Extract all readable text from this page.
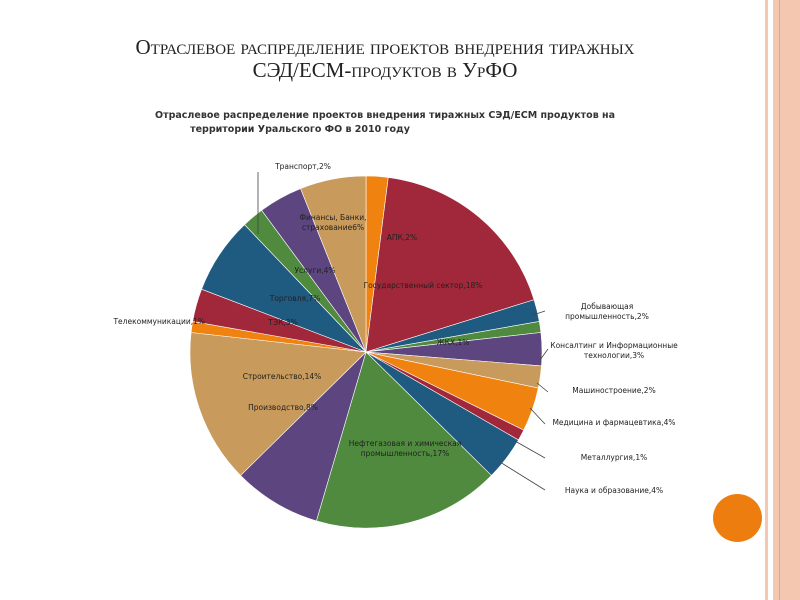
Отраслевое распределение проектов внедрения тиражных
СЭД/ECM-продуктов в УрФО
Отраслевое распределение проектов внедрения тиражных СЭД/ECM продуктов на
территории Уральского ФО в 2010 году
АПК,2%
Государственный сектор,18%
Добывающая промышленность,2%
ЖКХ,1%	Консалтинг и Информационные технологии,3%
Машиностроение,2%
Медицина и фармацевтика,4%
Металлургия,1%
Наука и образование,4%
Нефтегазовая и химическая промышленность,17%
Производство,8%
Строительство,14%
Телекоммуникации,1%	ТЭК,3%
Торговля,7%
Транспорт,2%
Услуги,4%
Финансы, Банки, страхование6%
